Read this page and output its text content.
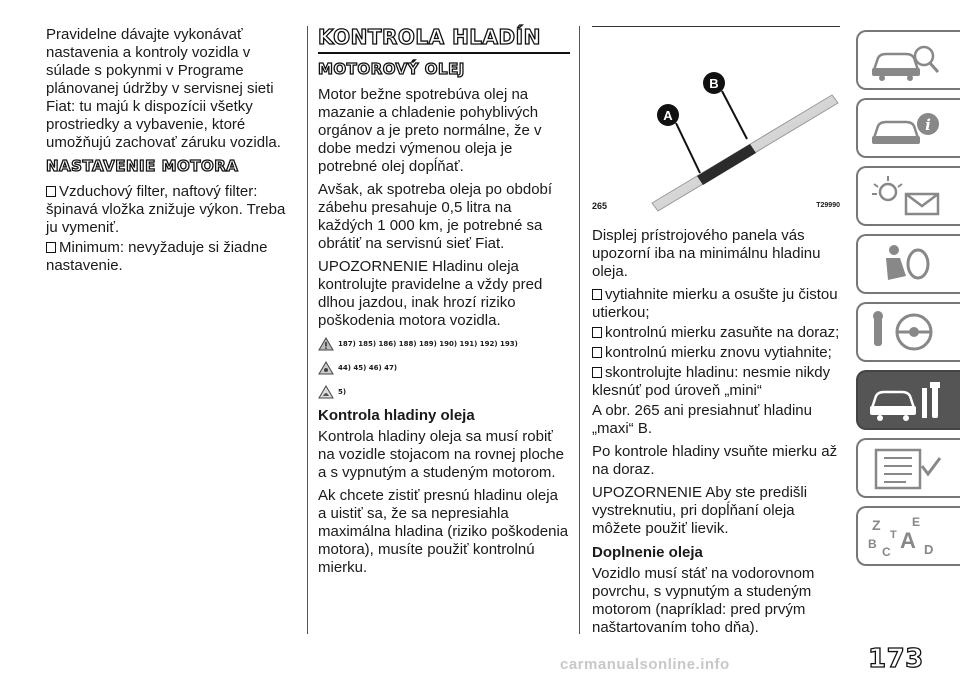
Pravidelne dávajte vykonávať nastavenia a kontroly vozidla v súlade s pokynmi v Programe plánovanej údržby v servisnej sieti Fiat: tu majú k dispozícii všetky prostriedky a vybavenie, ktoré umožňujú zachovať záruku vozidla.

NASTAVENIE MOTORA

Vzduchový filter, naftový filter: špinavá vložka znižuje výkon. Treba ju vymeniť.

Minimum: nevyžaduje si žiadne nastavenie.

KONTROLA HLADÍN
MOTOROVÝ OLEJ

Motor bežne spotrebúva olej na mazanie a chladenie pohyblivých orgánov a je preto normálne, že v dobe medzi výmenou oleja je potrebné olej dopĺňať.

Avšak, ak spotreba oleja po období zábehu presahuje 0,5 litra na každých 1 000 km, je potrebné sa obrátiť na servisnú sieť Fiat.

UPOZORNENIE Hladinu oleja kontrolujte pravidelne a vždy pred dlhou jazdou, inak hrozí riziko poškodenia motora vozidla.

187) 185) 186) 188) 189) 190) 191) 192) 193)
44) 45) 46) 47)
5)
Kontrola hladiny oleja

Kontrola hladiny oleja sa musí robiť na vozidle stojacom na rovnej ploche a s vypnutým a studeným motorom.

Ak chcete zistiť presnú hladinu oleja a uistiť sa, že sa nepresiahla maximálna hladina (riziko poškodenia motora), musíte použiť kontrolnú mierku.

A
B
265	T29990

Displej prístrojového panela vás upozorní iba na minimálnu hladinu oleja.

vytiahnite mierku a osušte ju čistou utierkou;

kontrolnú mierku zasuňte na doraz;

kontrolnú mierku znovu vytiahnite;

skontrolujte hladinu: nesmie nikdy klesnúť pod úroveň „mini“

A obr. 265 ani presiahnuť hladinu „maxi“ B.

Po kontrole hladiny vsuňte mierku až na doraz.

UPOZORNENIE Aby ste predišli vystreknutiu, pri dopĺňaní oleja môžete použiť lievik.

Doplnenie oleja

Vozidlo musí stáť na vodorovnom povrchu, s vypnutým a studeným motorom (napríklad: pred prvým naštartovaním toho dňa).

i
Z	E
A
B
C
T
D
173
carmanualsonline.info
